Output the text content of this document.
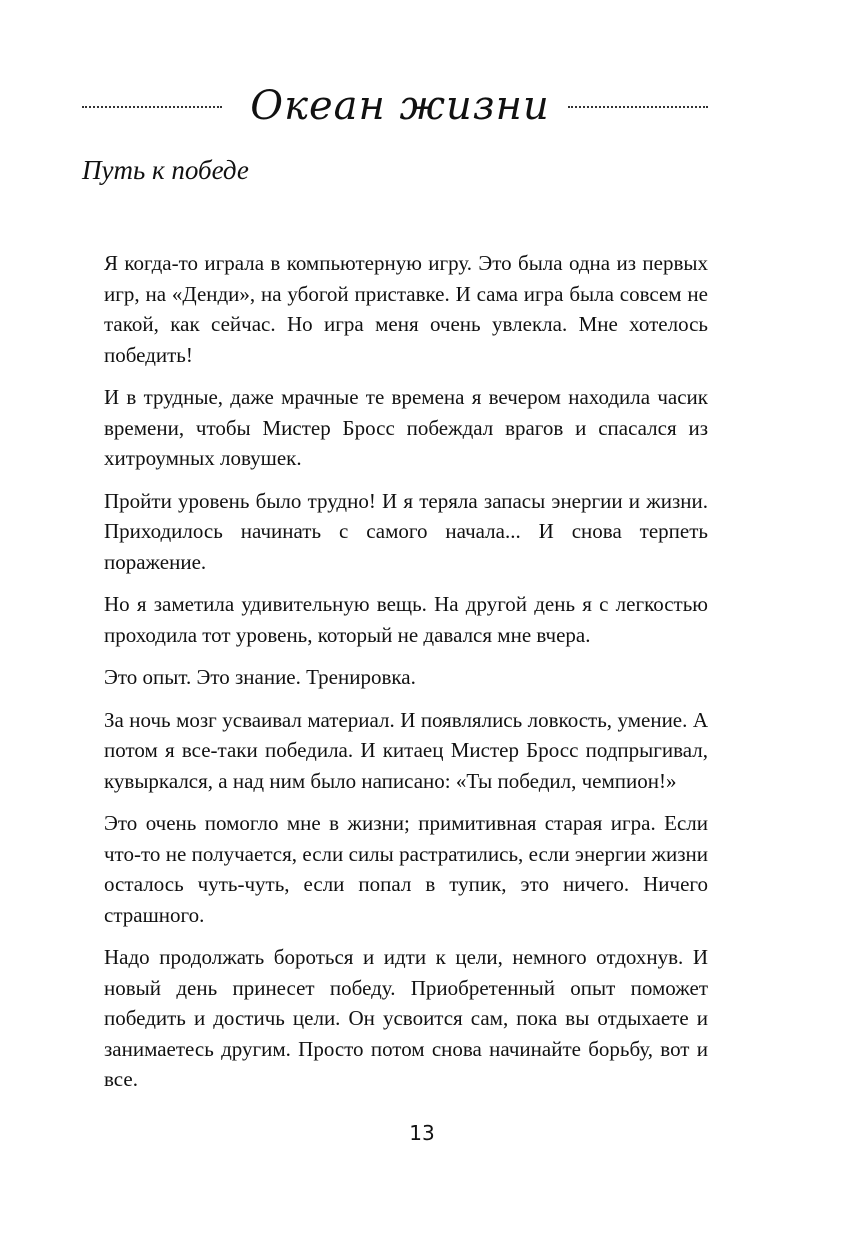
Океан жизни
Путь к победе

Я когда-то играла в компьютерную игру. Это была одна из первых игр, на «Денди», на убогой приставке. И сама игра была совсем не такой, как сейчас. Но игра меня очень увлекла. Мне хотелось победить!

И в трудные, даже мрачные те времена я вечером находила часик времени, чтобы Мистер Бросс побеждал врагов и спасался из хитроумных ловушек.

Пройти уровень было трудно! И я теряла запасы энергии и жизни. Приходилось начинать с самого начала... И снова терпеть поражение.

Но я заметила удивительную вещь. На другой день я с легкостью проходила тот уровень, который не давался мне вчера.

Это опыт. Это знание. Тренировка.

За ночь мозг усваивал материал. И появлялись ловкость, умение. А потом я все-таки победила. И китаец Мистер Бросс подпрыгивал, кувыркался, а над ним было написано: «Ты победил, чемпион!»

Это очень помогло мне в жизни; примитивная старая игра. Если что-то не получается, если силы растратились, если энергии жизни осталось чуть-чуть, если попал в тупик, это ничего. Ничего страшного.

Надо продолжать бороться и идти к цели, немного отдохнув. И новый день принесет победу. Приобретенный опыт поможет победить и достичь цели. Он усвоится сам, пока вы отдыхаете и занимаетесь другим. Просто потом снова начинайте борьбу, вот и все.

13
